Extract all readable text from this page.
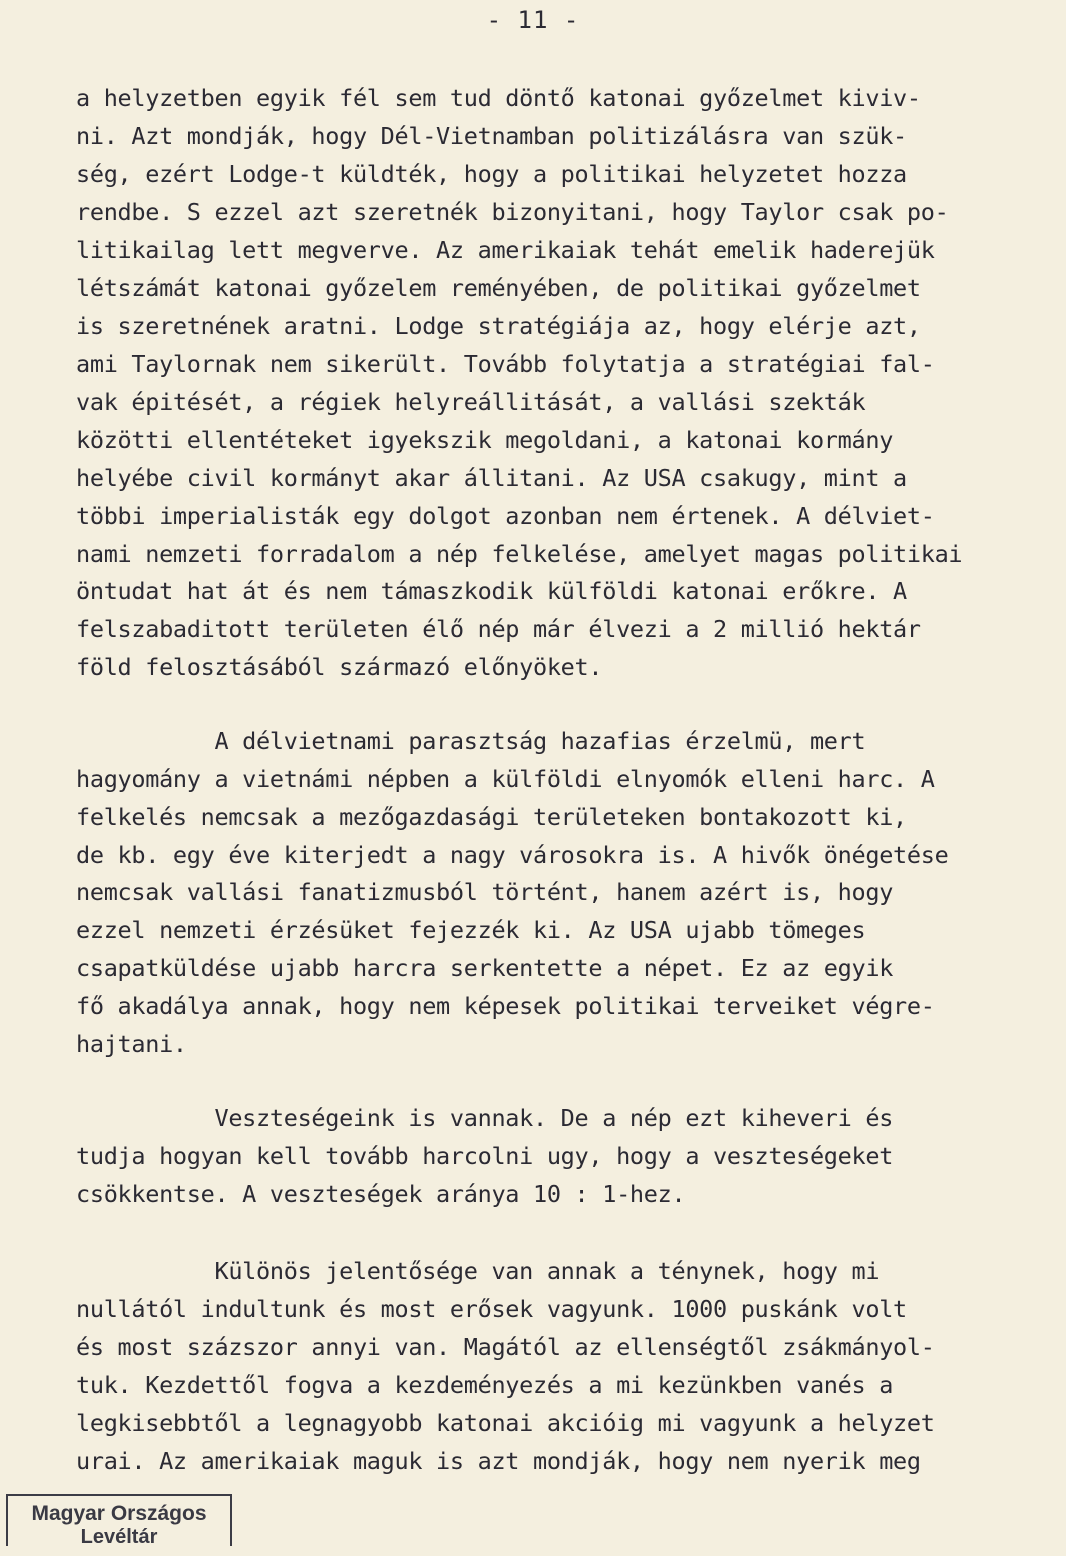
- 11 -
a helyzetben egyik fél sem tud döntő katonai győzelmet kiviv-
ni. Azt mondják, hogy Dél-Vietnamban politizálásra van szük-
ség, ezért Lodge-t küldték, hogy a politikai helyzetet hozza
rendbe. S ezzel azt szeretnék bizonyitani, hogy Taylor csak po-
litikailag lett megverve. Az amerikaiak tehát emelik haderejük
létszámát katonai győzelem reményében, de politikai győzelmet
is szeretnének aratni. Lodge stratégiája az, hogy elérje azt,
ami Taylornak nem sikerült. Tovább folytatja a stratégiai fal-
vak épitését, a régiek helyreállitását, a vallási szekták
közötti ellentéteket igyekszik megoldani, a katonai kormány
helyébe civil kormányt akar állitani. Az USA csakugy, mint a
többi imperialisták egy dolgot azonban nem értenek. A délviet-
nami nemzeti forradalom a nép felkelése, amelyet magas politikai
öntudat hat át és nem támaszkodik külföldi katonai erőkre. A
felszabaditott területen élő nép már élvezi a 2 millió hektár
föld felosztásából származó előnyöket.
A délvietnami parasztság hazafias érzelmü, mert
hagyomány a vietnámi népben a külföldi elnyomók elleni harc. A
felkelés nemcsak a mezőgazdasági területeken bontakozott ki,
de kb. egy éve kiterjedt a nagy városokra is. A hivők önégetése
nemcsak vallási fanatizmusból történt, hanem azért is, hogy
ezzel nemzeti érzésüket fejezzék ki. Az USA ujabb tömeges
csapatküldése ujabb harcra serkentette a népet. Ez az egyik
fő akadálya annak, hogy nem képesek politikai terveiket végre-
hajtani.
Veszteségeink is vannak. De a nép ezt kiheveri és
tudja hogyan kell tovább harcolni ugy, hogy a veszteségeket
csökkentse. A veszteségek aránya 10 : 1-hez.
Különös jelentősége van annak a ténynek, hogy mi
nullától indultunk és most erősek vagyunk. 1000 puskánk volt
és most százszor annyi van. Magától az ellenségtől zsákmányol-
tuk. Kezdettől fogva a kezdeményezés a mi kezünkben vanés a
legkisebbtől a legnagyobb katonai akcióig mi vagyunk a helyzet
urai. Az amerikaiak maguk is azt mondják, hogy nem nyerik meg
Magyar Országos
Levéltár
